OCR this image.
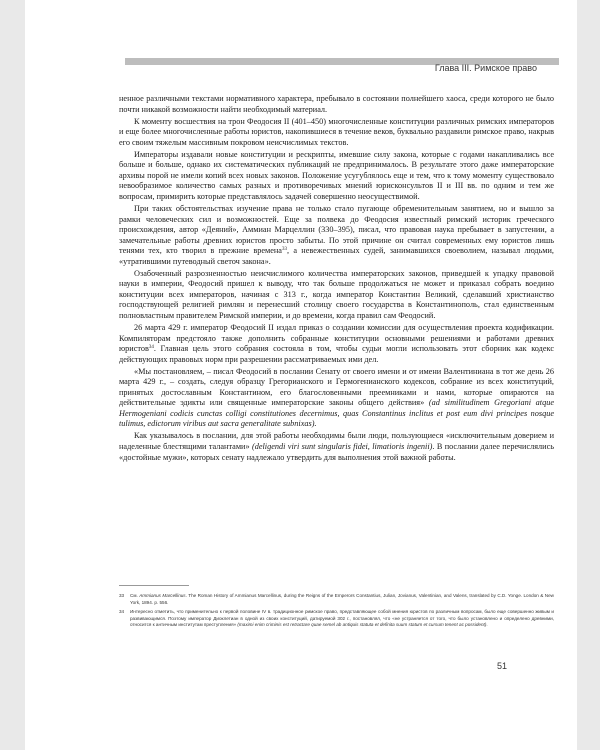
Глава III. Римское право

ненное различными текстами нормативного характера, пребывало в состоянии полнейшего хаоса, среди которого не было почти никакой возможности найти необходимый материал.

К моменту восшествия на трон Феодосия II (401–450) многочисленные конституции различных римских императоров и еще более многочисленные работы юристов, накопившиеся в течение веков, буквально раздавили римское право, накрыв его своим тяжелым массивным покровом неисчислимых текстов.

Императоры издавали новые конституции и рескрипты, имевшие силу закона, которые с годами накапливались все больше и больше, однако их систематических публикаций не предпринималось. В результате этого даже императорские архивы порой не имели копий всех новых законов. Положение усугублялось еще и тем, что к тому моменту существовало невообразимое количество самых разных и противоречивых мнений юрисконсультов II и III вв. по одним и тем же вопросам, примирить которые представлялось задачей совершенно неосуществимой.

При таких обстоятельствах изучение права не только стало пугающе обременительным занятием, но и вышло за рамки человеческих сил и возможностей. Еще за полвека до Феодосия известный римский историк греческого происхождения, автор «Деяний», Аммиан Марцеллин (330–395), писал, что правовая наука пребывает в запустении, а замечательные работы древних юристов просто забыты. По этой причине он считал современных ему юристов лишь тенями тех, кто творил в прежние времена$^{33}$, а невежественных судей, занимавшихся своеволием, называл людьми, «утратившими путеводный светоч закона».

Озабоченный разрозненностью неисчислимого количества императорских законов, приведшей к упадку правовой науки в империи, Феодосий пришел к выводу, что так больше продолжаться не может и приказал собрать воедино конституции всех императоров, начиная с 313 г., когда император Константин Великий, сделавший христианство господствующей религией римлян и перенесший столицу своего государства в Константинополь, стал единственным полновластным правителем Римской империи, и до времени, когда правил сам Феодосий.

26 марта 429 г. император Феодосий II издал приказ о создании комиссии для осуществления проекта кодификации. Компиляторам предстояло также дополнить собранные конституции основными решениями и работами древних юристов$^{34}$. Главная цель этого собрания состояла в том, чтобы судьи могли использовать этот сборник как кодекс действующих правовых норм при разрешении рассматриваемых ими дел.

«Мы постановляем, – писал Феодосий в послании Сенату от своего имени и от имени Валентиниана в тот же день 26 марта 429 г., – создать, следуя образцу Грегорианского и Гермогенианского кодексов, собрание из всех конституций, принятых достославным Константином, его благословенными преемниками и нами, которые опираются на действительные эдикты или священные императорские законы общего действия» (ad similitudinem Gregoriani atque Hermogeniani codicis cunctas colligi constitutiones decernimus, quas Constantinus inclitus et post eum divi principes nosque tulimus, edictorum viribus aut sacra generalitate subnixas).

Как указывалось в послании, для этой работы необходимы были люди, пользующиеся «исключительным доверием и наделенные блестящими талантами» (deligendi viri sunt singularis fidei, limatioris ingenii). В послании далее перечислялись «достойные мужи», которых сенату надлежало утвердить для выполнения этой важной работы.

33 См. Ammianus Marcellinus. The Roman History of Ammianus Marcellinus, during the Reigns of the Emperors Constantius, Julian, Jovianus, Valentinian, and Valens, translated by C.D. Yonge. London & New York, 1894. p. 556.

34 Интересно отметить, что применительно к первой половине IV в. традиционное римское право, представляющее собой мнения юристов по различным вопросам, было еще совершенно живым и развивающимся. Поэтому император Диоклетиан в одной из своих конституций, датируемой 302 г., постановлял, что «не устраняется от того, что было установлено и определено древними, относится к античным институтам преступления» (maximi enim criminis est retractare quae semel ab antiquis statuta et definita suum statum et cursum tenent ac possident).

51
